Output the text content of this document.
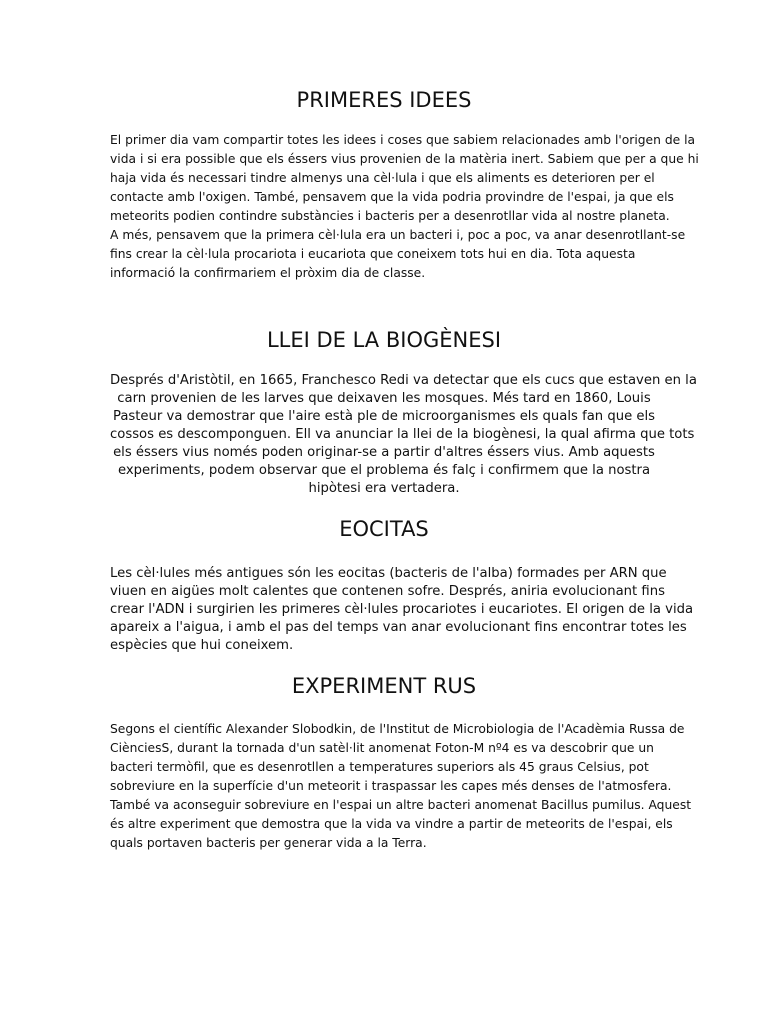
PRIMERES IDEES
El primer dia vam compartir totes les idees i coses que sabiem relacionades amb l'origen de la
vida i si era possible que els éssers vius provenien de la matèria inert. Sabiem que per a que hi
haja vida és necessari tindre almenys una cèl·lula i que els aliments es deterioren per el
contacte amb l'oxigen. També, pensavem que la vida podria provindre de l'espai, ja que els
meteorits podien contindre substàncies i bacteris per a desenrotllar vida al nostre planeta.
A més, pensavem que la primera cèl·lula era un bacteri i, poc a poc, va anar desenrotllant-se
fins crear la cèl·lula procariota i eucariota que coneixem tots hui en dia. Tota aquesta
informació la confirmariem el pròxim dia de classe.
LLEI DE LA BIOGÈNESI
Després d'Aristòtil, en 1665, Franchesco Redi va detectar que els cucs que estaven en la
carn provenien de les larves que deixaven les mosques. Més tard en 1860, Louis
Pasteur va demostrar que l'aire està ple de microorganismes els quals fan que els
cossos es descomponguen. Ell va anunciar la llei de la biogènesi, la qual afirma que tots
els éssers vius només poden originar-se a partir d'altres éssers vius. Amb aquests
experiments, podem observar que el problema és falç i confirmem que la nostra
hipòtesi era vertadera.
EOCITAS
Les cèl·lules més antigues són les eocitas (bacteris de l'alba) formades per ARN que
viuen en aigües molt calentes que contenen sofre. Després, aniria evolucionant fins
crear l'ADN i surgirien les primeres cèl·lules procariotes i eucariotes. El origen de la vida
apareix a l'aigua, i amb el pas del temps van anar evolucionant fins encontrar totes les
espècies que hui coneixem.
EXPERIMENT RUS
Segons el científic Alexander Slobodkin, de l'Institut de Microbiologia de l'Acadèmia Russa de
CiènciesS, durant la tornada d'un satèl·lit anomenat Foton-M nº4 es va descobrir que un
bacteri termòfil, que es desenrotllen a temperatures superiors als 45 graus Celsius, pot
sobreviure en la superfície d'un meteorit i traspassar les capes més denses de l'atmosfera.
També va aconseguir sobreviure en l'espai un altre bacteri anomenat Bacillus pumilus. Aquest
és altre experiment que demostra que la vida va vindre a partir de meteorits de l'espai, els
quals portaven bacteris per generar vida a la Terra.
